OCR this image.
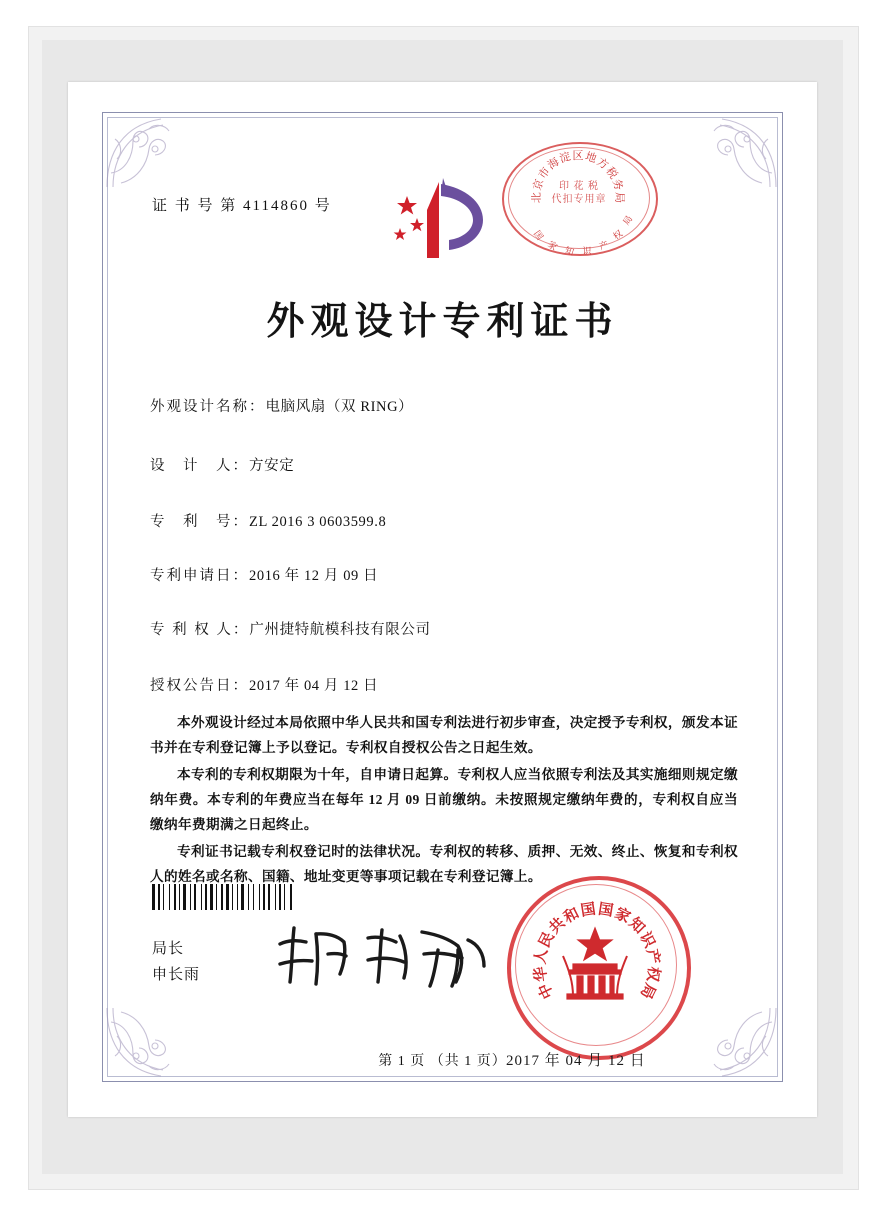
证 书 号 第 4114860 号
北
京
市
海
淀 区 地
方
税
务
局
国
家 知 识 产
权
局
印 花 税
代扣专用章
外观设计专利证书
外观设计名称：电脑风扇（双 RING）
设　计　人：方安定
专　利　号：ZL 2016 3 0603599.8
专利申请日：2016 年 12 月 09 日
专 利 权 人：广州捷特航模科技有限公司
授权公告日：2017 年 04 月 12 日
本外观设计经过本局依照中华人民共和国专利法进行初步审查，决定授予专利权，颁发本证书并在专利登记簿上予以登记。专利权自授权公告之日起生效。
本专利的专利权期限为十年，自申请日起算。专利权人应当依照专利法及其实施细则规定缴纳年费。本专利的年费应当在每年 12 月 09 日前缴纳。未按照规定缴纳年费的，专利权自应当缴纳年费期满之日起终止。
专利证书记载专利权登记时的法律状况。专利权的转移、质押、无效、终止、恢复和专利权人的姓名或名称、国籍、地址变更等事项记载在专利登记簿上。
局长
申长雨
中
华
人
民
共
和
国 国
家
知
识
产
权
局
2017 年 04 月 12 日
第 1 页 （共 1 页）
